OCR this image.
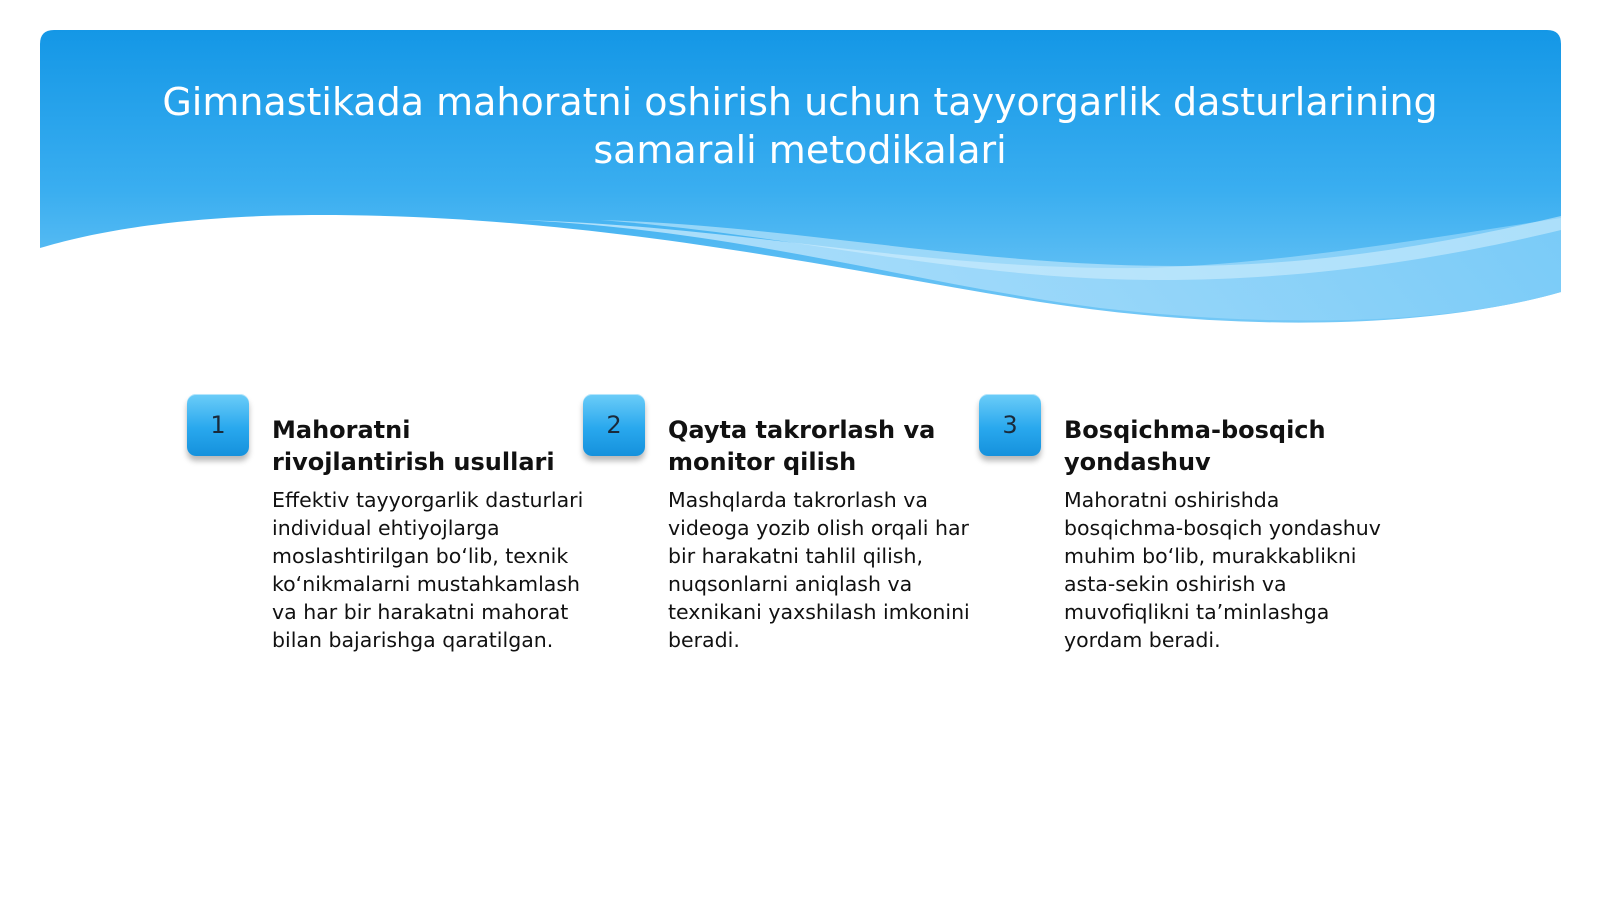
Gimnastikada mahoratni oshirish uchun tayyorgarlik dasturlarining samarali metodikalari
1	Mahoratni rivojlantirish usullari

Effektiv tayyorgarlik dasturlari individual ehtiyojlarga moslashtirilgan bo‘lib, texnik ko‘nikmalarni mustahkamlash va har bir harakatni mahorat bilan bajarishga qaratilgan.

2	Qayta takrorlash va monitor qilish

Mashqlarda takrorlash va videoga yozib olish orqali har bir harakatni tahlil qilish, nuqsonlarni aniqlash va texnikani yaxshilash imkonini beradi.

3	Bosqichma-bosqich yondashuv

Mahoratni oshirishda bosqichma-bosqich yondashuv muhim bo‘lib, murakkablikni asta-sekin oshirish va muvofiqlikni ta’minlashga yordam beradi.
